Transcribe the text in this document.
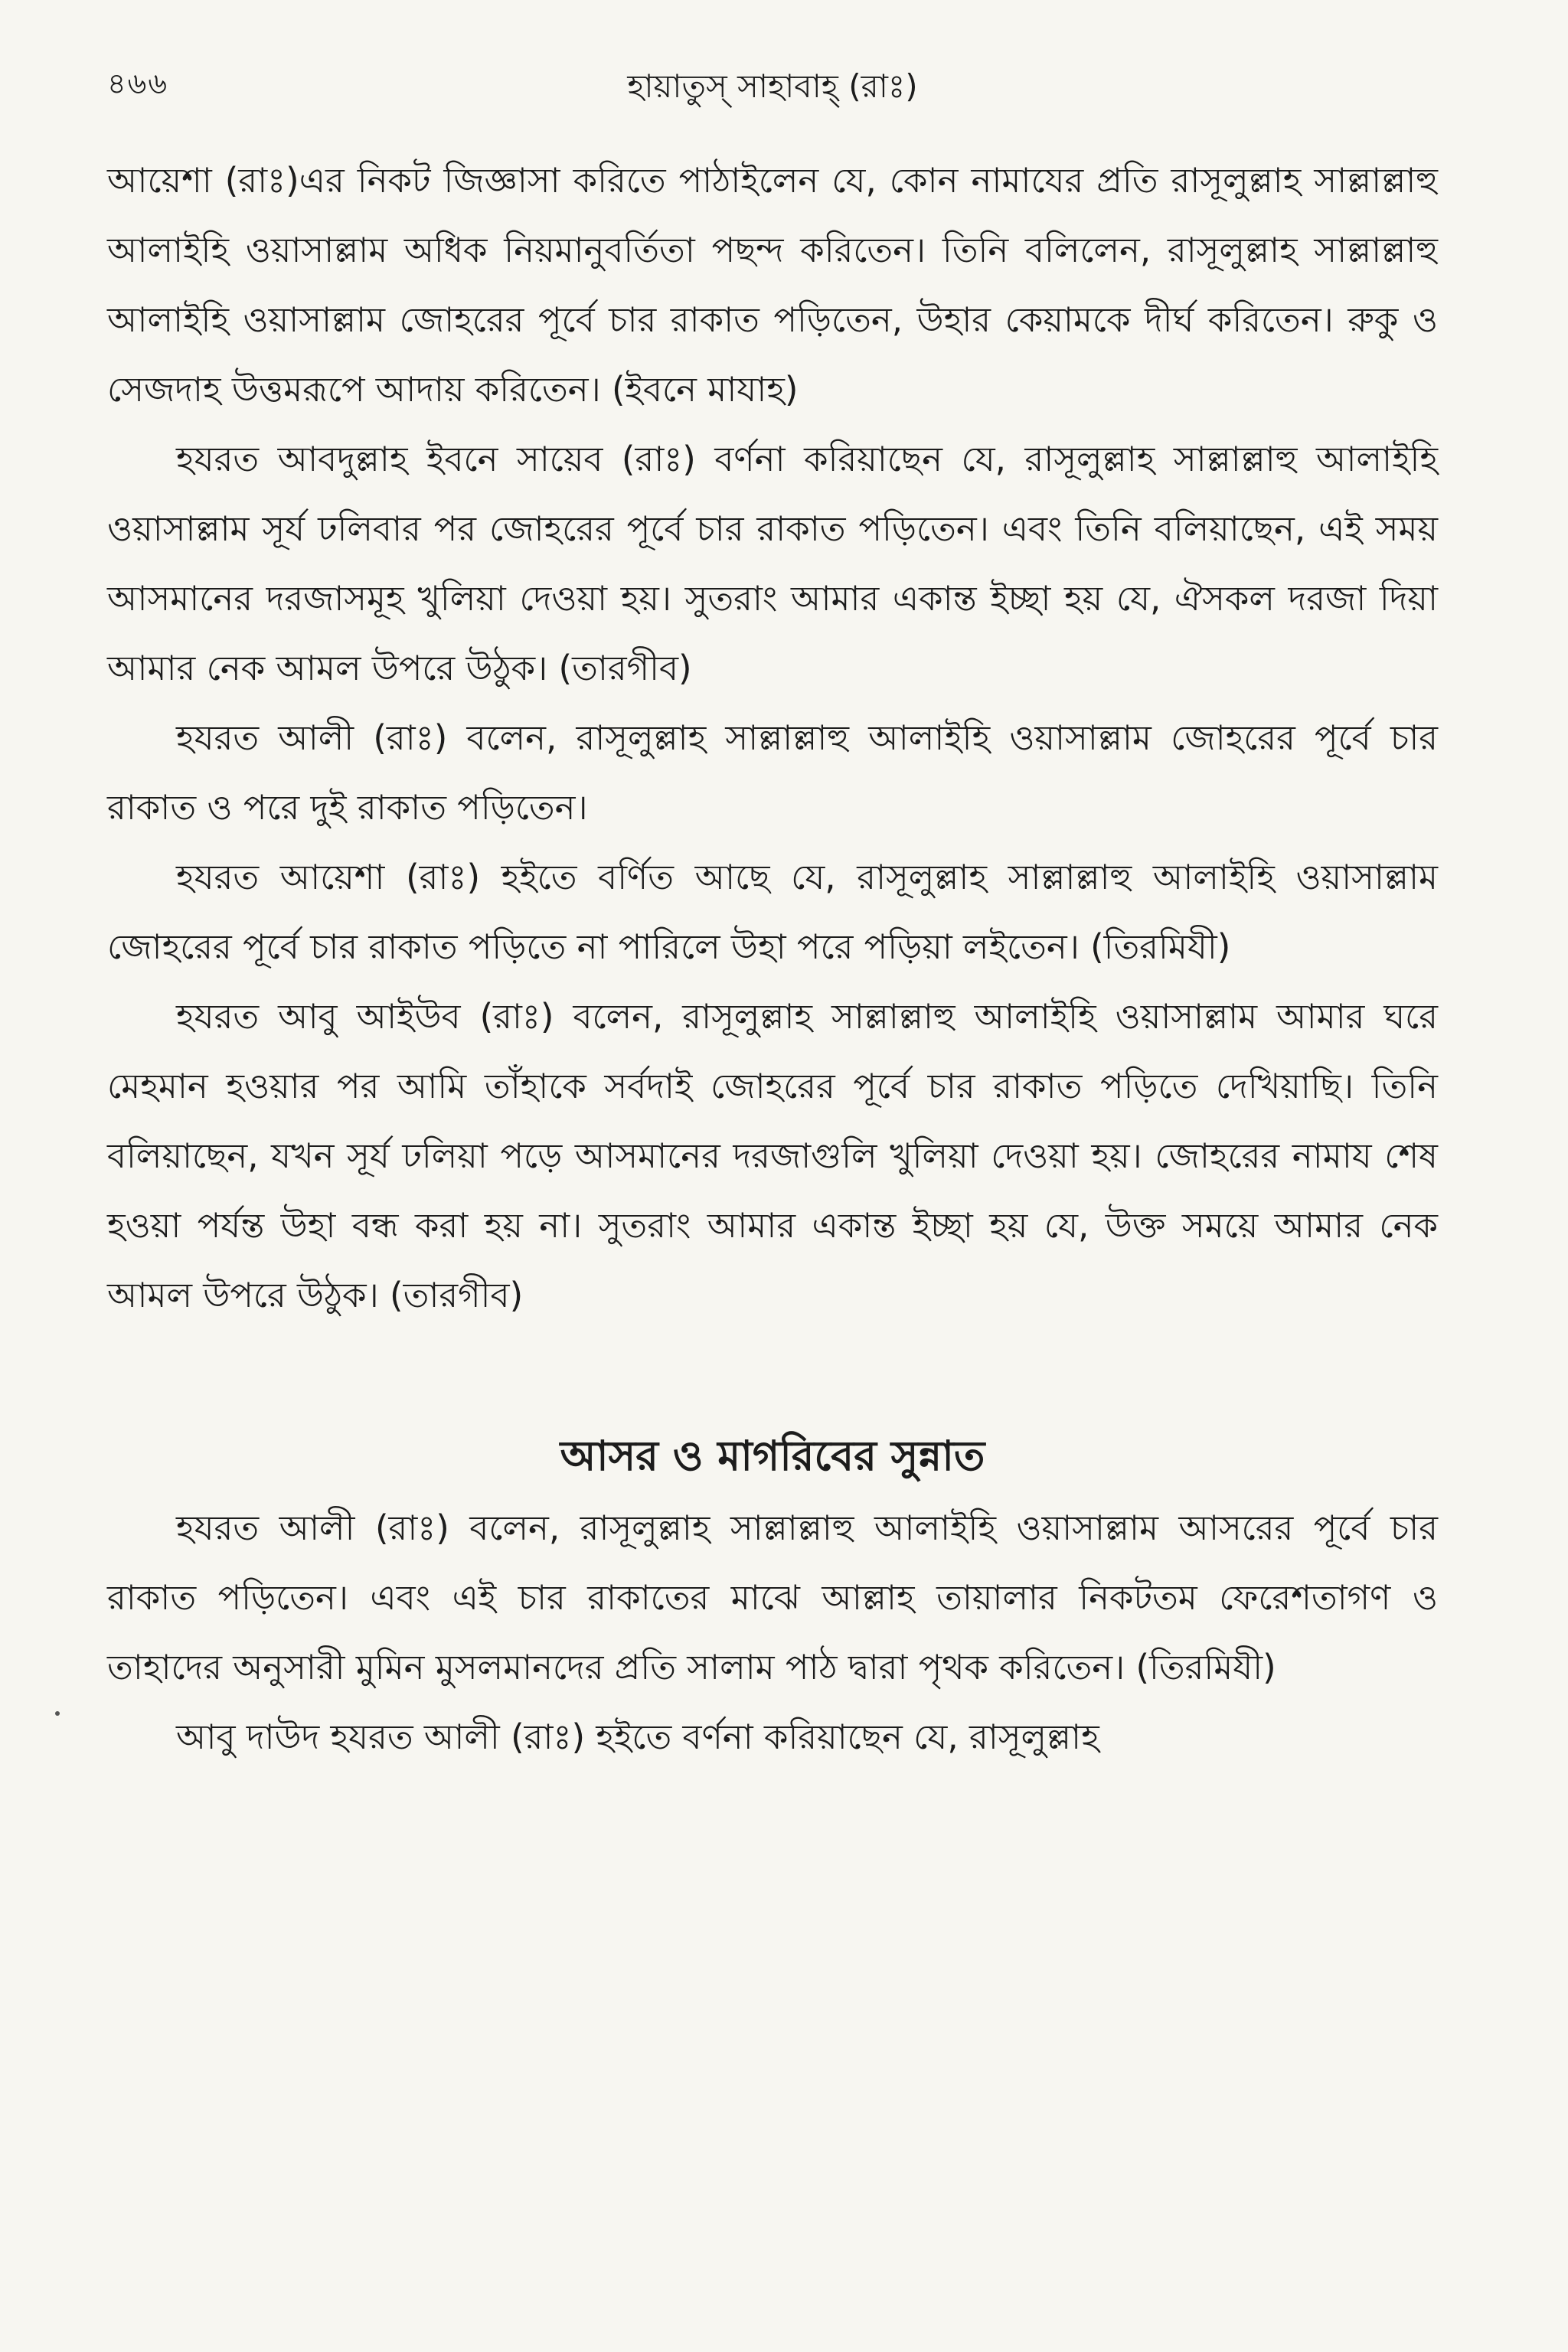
৪৬৬	হায়াতুস্ সাহাবাহ্ (রাঃ)

আয়েশা (রাঃ)এর নিকট জিজ্ঞাসা করিতে পাঠাইলেন যে, কোন নামাযের প্রতি রাসূলুল্লাহ সাল্লাল্লাহু আলাইহি ওয়াসাল্লাম অধিক নিয়মানুবর্তিতা পছন্দ করিতেন। তিনি বলিলেন, রাসূলুল্লাহ সাল্লাল্লাহু আলাইহি ওয়াসাল্লাম জোহরের পূর্বে চার রাকাত পড়িতেন, উহার কেয়ামকে দীর্ঘ করিতেন। রুকু ও সেজদাহ উত্তমরূপে আদায় করিতেন। (ইবনে মাযাহ)

হযরত আবদুল্লাহ ইবনে সায়েব (রাঃ) বর্ণনা করিয়াছেন যে, রাসূলুল্লাহ সাল্লাল্লাহু আলাইহি ওয়াসাল্লাম সূর্য ঢলিবার পর জোহরের পূর্বে চার রাকাত পড়িতেন। এবং তিনি বলিয়াছেন, এই সময় আসমানের দরজাসমূহ খুলিয়া দেওয়া হয়। সুতরাং আমার একান্ত ইচ্ছা হয় যে, ঐসকল দরজা দিয়া আমার নেক আমল উপরে উঠুক। (তারগীব)

হযরত আলী (রাঃ) বলেন, রাসূলুল্লাহ সাল্লাল্লাহু আলাইহি ওয়াসাল্লাম জোহরের পূর্বে চার রাকাত ও পরে দুই রাকাত পড়িতেন।

হযরত আয়েশা (রাঃ) হইতে বর্ণিত আছে যে, রাসূলুল্লাহ সাল্লাল্লাহু আলাইহি ওয়াসাল্লাম জোহরের পূর্বে চার রাকাত পড়িতে না পারিলে উহা পরে পড়িয়া লইতেন। (তিরমিযী)

হযরত আবু আইউব (রাঃ) বলেন, রাসূলুল্লাহ সাল্লাল্লাহু আলাইহি ওয়াসাল্লাম আমার ঘরে মেহমান হওয়ার পর আমি তাঁহাকে সর্বদাই জোহরের পূর্বে চার রাকাত পড়িতে দেখিয়াছি। তিনি বলিয়াছেন, যখন সূর্য ঢলিয়া পড়ে আসমানের দরজাগুলি খুলিয়া দেওয়া হয়। জোহরের নামায শেষ হওয়া পর্যন্ত উহা বন্ধ করা হয় না। সুতরাং আমার একান্ত ইচ্ছা হয় যে, উক্ত সময়ে আমার নেক আমল উপরে উঠুক। (তারগীব)

আসর ও মাগরিবের সুন্নাত

হযরত আলী (রাঃ) বলেন, রাসূলুল্লাহ সাল্লাল্লাহু আলাইহি ওয়াসাল্লাম আসরের পূর্বে চার রাকাত পড়িতেন। এবং এই চার রাকাতের মাঝে আল্লাহ তায়ালার নিকটতম ফেরেশতাগণ ও তাহাদের অনুসারী মুমিন মুসলমানদের প্রতি সালাম পাঠ দ্বারা পৃথক করিতেন। (তিরমিযী)

আবু দাউদ হযরত আলী (রাঃ) হইতে বর্ণনা করিয়াছেন যে, রাসূলুল্লাহ
